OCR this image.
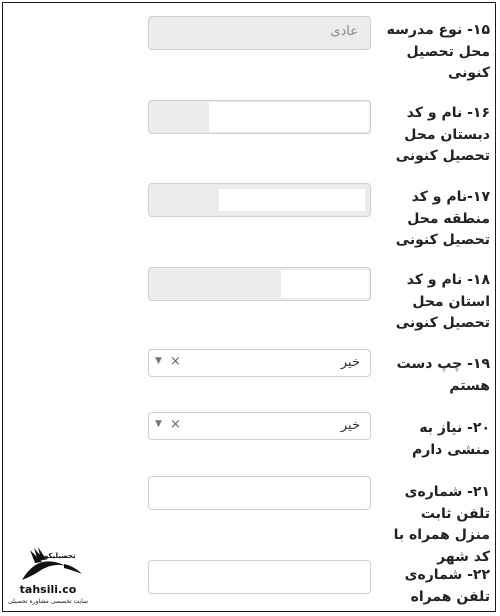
۱۵- نوع مدرسه محل تحصیل کنونی
عادی
۱۶- نام و کد دبستان محل تحصیل کنونی
۱۷-نام و کد منطقه محل تحصیل کنونی
۱۸- نام و کد استان محل تحصیل کنونی
۱۹- چپ دست هستم
خیر
×
▼
۲۰- نیاز به منشی دارم
خیر
×
▼
۲۱- شماره‌ی تلفن ثابت منزل همراه با کد شهر
۲۲- شماره‌ی تلفن همراه
تحصیلیکو
tahsili.co
سایت تخصصی مشاوره تحصیلی
